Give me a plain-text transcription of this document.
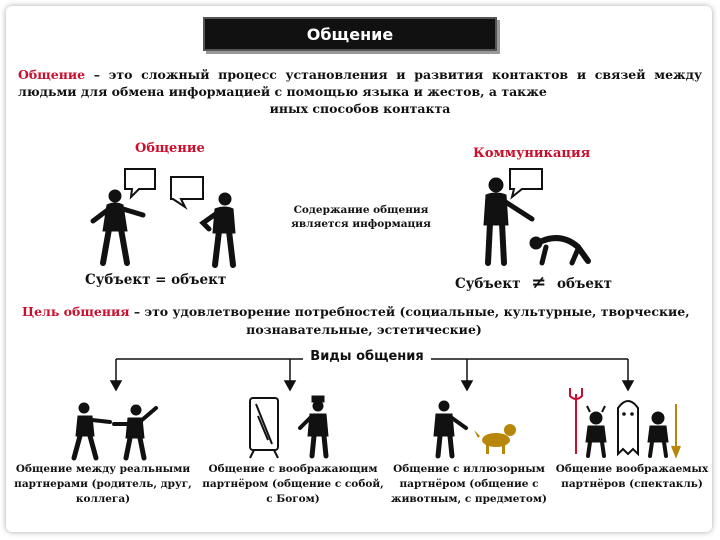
Общение
Общение – это сложный процесс установления и развития контактов и связей между людьми для обмена информацией с помощью языка и жестов, а также
иных способов контакта
Общение	Коммуникация
Субъект = объект
Содержание общения является информация
Субъект ≠ объект
Цель общения – это удовлетворение потребностей (социальные, культурные, творческие,
познавательные, эстетические)
Виды общения
Общение между реальными партнерами (родитель, друг, коллега)
Общение с воображающим партнёром (общение с собой, с Богом)
Общение с иллюзорным партнёром (общение с животным, с предметом)
Общение воображаемых партнёров (спектакль)
